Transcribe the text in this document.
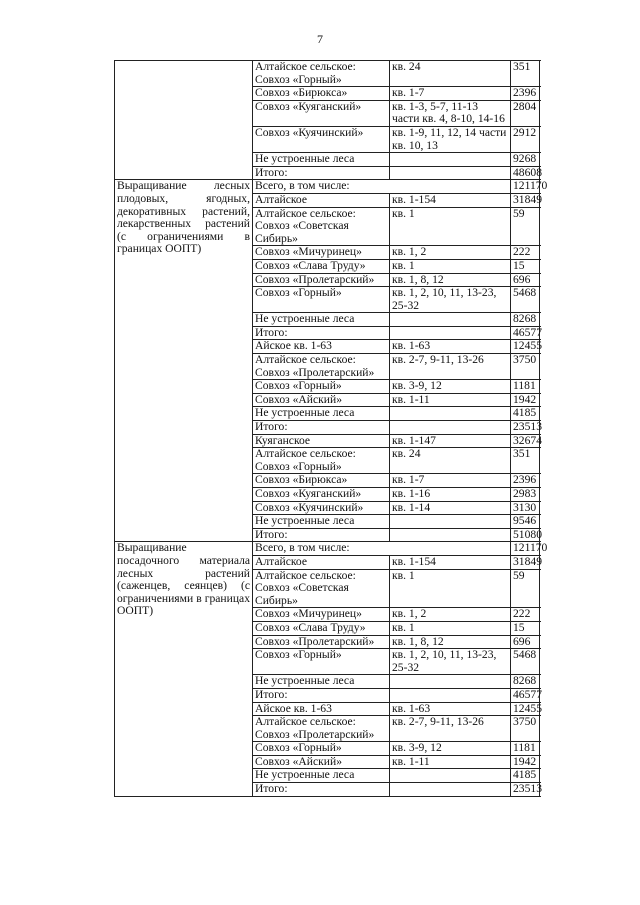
7
	Алтайское сельское: Совхоз «Горный»	кв. 24	351
	Совхоз «Бирюкса»	кв. 1-7	2396
	Совхоз «Куяганский»	кв. 1-3, 5-7, 11-13 части кв. 4, 8-10, 14-16	2804
	Совхоз «Куячинский»	кв. 1-9, 11, 12, 14 части кв. 10, 13	2912
	Не устроенные леса		9268
	Итого:		48608
Выращивание лесных плодовых, ягодных, декоративных растений, лекарственных растений (с ограничениями в границах ООПТ)	Всего, в том числе:		121170
	Алтайское	кв. 1-154	31849
	Алтайское сельское: Совхоз «Советская Сибирь»	кв. 1	59
	Совхоз «Мичуринец»	кв. 1, 2	222
	Совхоз «Слава Труду»	кв. 1	15
	Совхоз «Пролетарский»	кв. 1, 8, 12	696
	Совхоз «Горный»	кв. 1, 2, 10, 11, 13-23, 25-32	5468
	Не устроенные леса		8268
	Итого:		46577
	Айское кв. 1-63	кв. 1-63	12455
	Алтайское сельское: Совхоз «Пролетарский»	кв. 2-7, 9-11, 13-26	3750
	Совхоз «Горный»	кв. 3-9, 12	1181
	Совхоз «Айский»	кв. 1-11	1942
	Не устроенные леса		4185
	Итого:		23513
	Куяганское	кв. 1-147	32674
	Алтайское сельское: Совхоз «Горный»	кв. 24	351
	Совхоз «Бирюкса»	кв. 1-7	2396
	Совхоз «Куяганский»	кв. 1-16	2983
	Совхоз «Куячинский»	кв. 1-14	3130
	Не устроенные леса		9546
	Итого:		51080
Выращивание посадочного материала лесных растений (саженцев, сеянцев) (с ограничениями в границах ООПТ)	Всего, в том числе:		121170
	Алтайское	кв. 1-154	31849
	Алтайское сельское: Совхоз «Советская Сибирь»	кв. 1	59
	Совхоз «Мичуринец»	кв. 1, 2	222
	Совхоз «Слава Труду»	кв. 1	15
	Совхоз «Пролетарский»	кв. 1, 8, 12	696
	Совхоз «Горный»	кв. 1, 2, 10, 11, 13-23, 25-32	5468
	Не устроенные леса		8268
	Итого:		46577
	Айское кв. 1-63	кв. 1-63	12455
	Алтайское сельское: Совхоз «Пролетарский»	кв. 2-7, 9-11, 13-26	3750
	Совхоз «Горный»	кв. 3-9, 12	1181
	Совхоз «Айский»	кв. 1-11	1942
	Не устроенные леса		4185
	Итого:		23513
